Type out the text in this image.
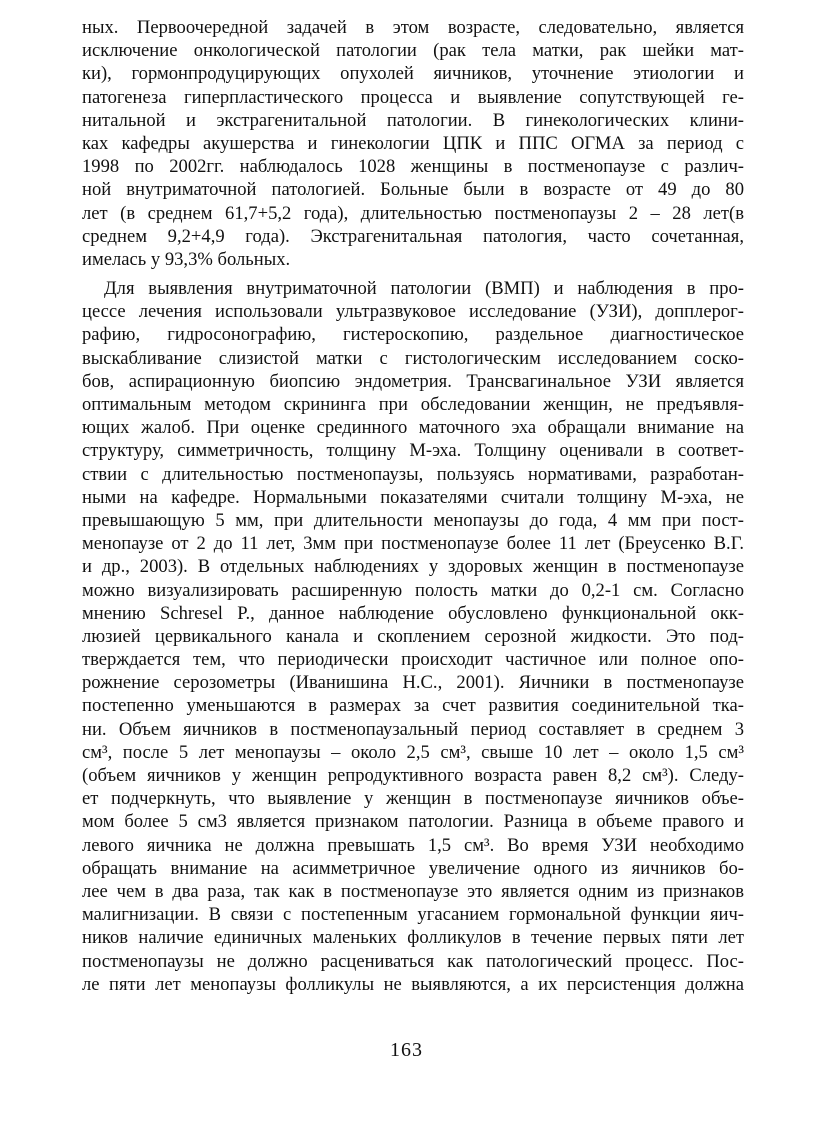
ных. Первоочередной задачей в этом возрасте, следовательно, является
исключение онкологической патологии (рак тела матки, рак шейки мат-
ки), гормонпродуцирующих опухолей яичников, уточнение этиологии и
патогенеза гиперпластического процесса и выявление сопутствующей ге-
нитальной и экстрагенитальной патологии. В гинекологических клини-
ках кафедры акушерства и гинекологии ЦПК и ППС ОГМА за период с
1998 по 2002гг. наблюдалось 1028 женщины в постменопаузе с различ-
ной внутриматочной патологией. Больные были в возрасте от 49 до 80
лет (в среднем 61,7+5,2 года), длительностью постменопаузы 2 – 28 лет(в
среднем 9,2+4,9 года). Экстрагенитальная патология, часто сочетанная,
имелась у 93,3% больных.
Для выявления внутриматочной патологии (ВМП) и наблюдения в про-
цессе лечения использовали ультразвуковое исследование (УЗИ), допплерог-
рафию, гидросонографию, гистероскопию, раздельное диагностическое
выскабливание слизистой матки с гистологическим исследованием соско-
бов, аспирационную биопсию эндометрия. Трансвагинальное УЗИ является
оптимальным методом скрининга при обследовании женщин, не предъявля-
ющих жалоб. При оценке срединного маточного эха обращали внимание на
структуру, симметричность, толщину М-эха. Толщину оценивали в соответ-
ствии с длительностью постменопаузы, пользуясь нормативами, разработан-
ными на кафедре. Нормальными показателями считали толщину М-эха, не
превышающую 5 мм, при длительности менопаузы до года, 4 мм при пост-
менопаузе от 2 до 11 лет, 3мм при постменопаузе более 11 лет (Бреусенко В.Г.
и др., 2003). В отдельных наблюдениях у здоровых женщин в постменопаузе
можно визуализировать расширенную полость матки до 0,2-1 см. Согласно
мнению Schresel P., данное наблюдение обусловлено функциональной окк-
люзией цервикального канала и скоплением серозной жидкости. Это под-
тверждается тем, что периодически происходит частичное или полное опо-
рожнение серозометры (Иванишина Н.С., 2001). Яичники в постменопаузе
постепенно уменьшаются в размерах за счет развития соединительной тка-
ни. Объем яичников в постменопаузальный период составляет в среднем 3
см³, после 5 лет менопаузы – около 2,5 см³, свыше 10 лет – около 1,5 см³
(объем яичников у женщин репродуктивного возраста равен 8,2 см³). Следу-
ет подчеркнуть, что выявление у женщин в постменопаузе яичников объе-
мом более 5 см3 является признаком патологии. Разница в объеме правого и
левого яичника не должна превышать 1,5 см³. Во время УЗИ необходимо
обращать внимание на асимметричное увеличение одного из яичников бо-
лее чем в два раза, так как в постменопаузе это является одним из признаков
малигнизации. В связи с постепенным угасанием гормональной функции яич-
ников наличие единичных маленьких фолликулов в течение первых пяти лет
постменопаузы не должно расцениваться как патологический процесс. Пос-
ле пяти лет менопаузы фолликулы не выявляются, а их персистенция должна
163
